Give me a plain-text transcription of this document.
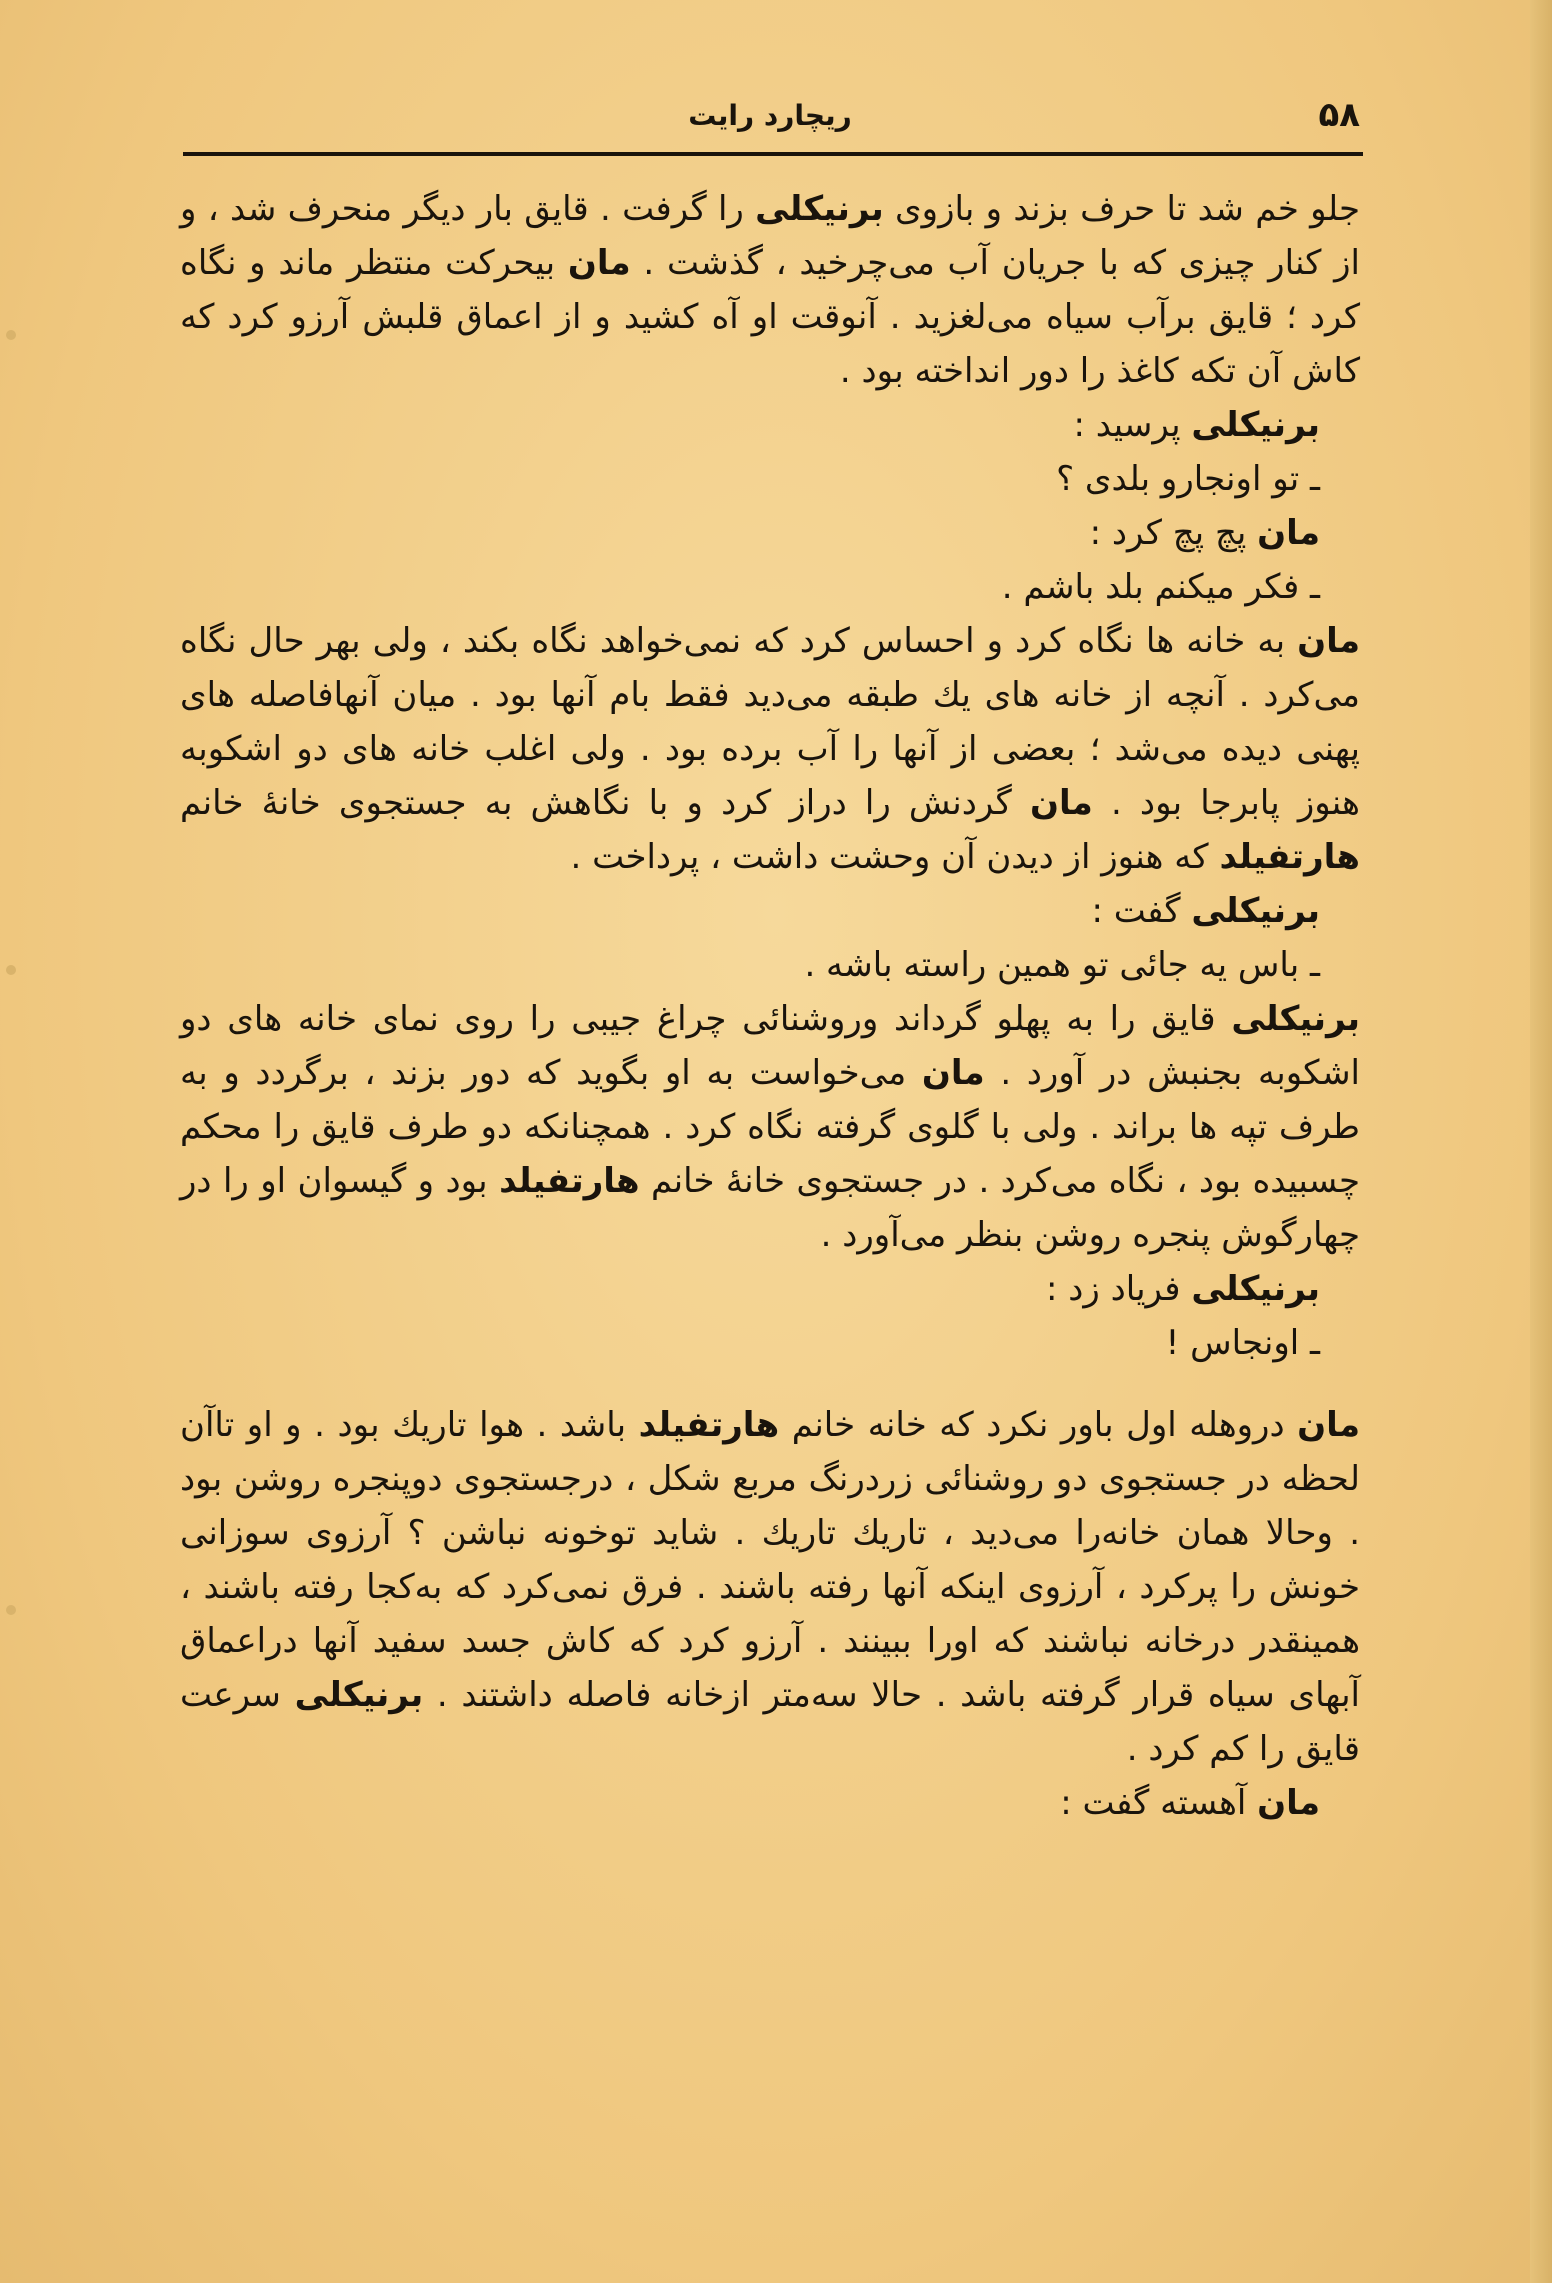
۵۸
ریچارد رایت

جلو خم شد تا حرف بزند و بازوی برنیکلی را گرفت . قایق بار دیگر منحرف شد ، و از کنار چیزی که با جریان آب می‌چرخید ، گذشت . مان بیحرکت منتظر ماند و نگاه کرد ؛ قایق برآب سیاه می‌لغزید . آنوقت او آه کشید و از اعماق قلبش آرزو کرد که کاش آن تکه کاغذ را دور انداخته بود .

برنیکلی پرسید :

ـ تو اونجارو بلدی ؟

مان پچ پچ کرد :

ـ فکر میکنم بلد باشم .

مان به خانه ها نگاه کرد و احساس کرد که نمی‌خواهد نگاه بکند ، ولی بهر حال نگاه می‌کرد . آنچه از خانه های یك طبقه می‌دید فقط بام آنها بود . میان آنهافاصله های پهنی دیده می‌شد ؛ بعضی از آنها را آب برده بود . ولی اغلب خانه های دو اشکوبه هنوز پابرجا بود . مان گردنش را دراز کرد و با نگاهش به جستجوی خانهٔ خانم هارتفیلد که هنوز از دیدن آن وحشت داشت ، پرداخت .

برنیکلی گفت :

ـ باس یه جائی تو همین راسته باشه .

برنیکلی قایق را به پهلو گرداند وروشنائی چراغ جیبی را روی نمای خانه های دو اشکوبه بجنبش در آورد . مان می‌خواست به او بگوید که دور بزند ، برگردد و به طرف تپه ها براند . ولی با گلوی گرفته نگاه کرد . همچنانکه دو طرف قایق را محکم چسبیده بود ، نگاه می‌کرد . در جستجوی خانهٔ خانم هارتفیلد بود و گیسوان او را در چهارگوش پنجره روشن بنظر می‌آورد .

برنیکلی فریاد زد :

ـ اونجاس !

مان دروهله اول باور نکرد که خانه خانم هارتفیلد باشد . هوا تاریك بود . و او تاآن لحظه در جستجوی دو روشنائی زردرنگ مربع شکل ، درجستجوی دوپنجره روشن بود . وحالا همان خانه‌را می‌دید ، تاریك تاریك . شاید توخونه نباشن ؟ آرزوی سوزانی خونش را پرکرد ، آرزوی اینکه آنها رفته باشند . فرق نمی‌کرد که به‌کجا رفته باشند ، همینقدر درخانه نباشند که اورا ببینند . آرزو کرد که کاش جسد سفید آنها دراعماق آبهای سیاه قرار گرفته باشد . حالا سه‌متر ازخانه فاصله داشتند . برنیکلی سرعت قایق را کم کرد .

مان آهسته گفت :
